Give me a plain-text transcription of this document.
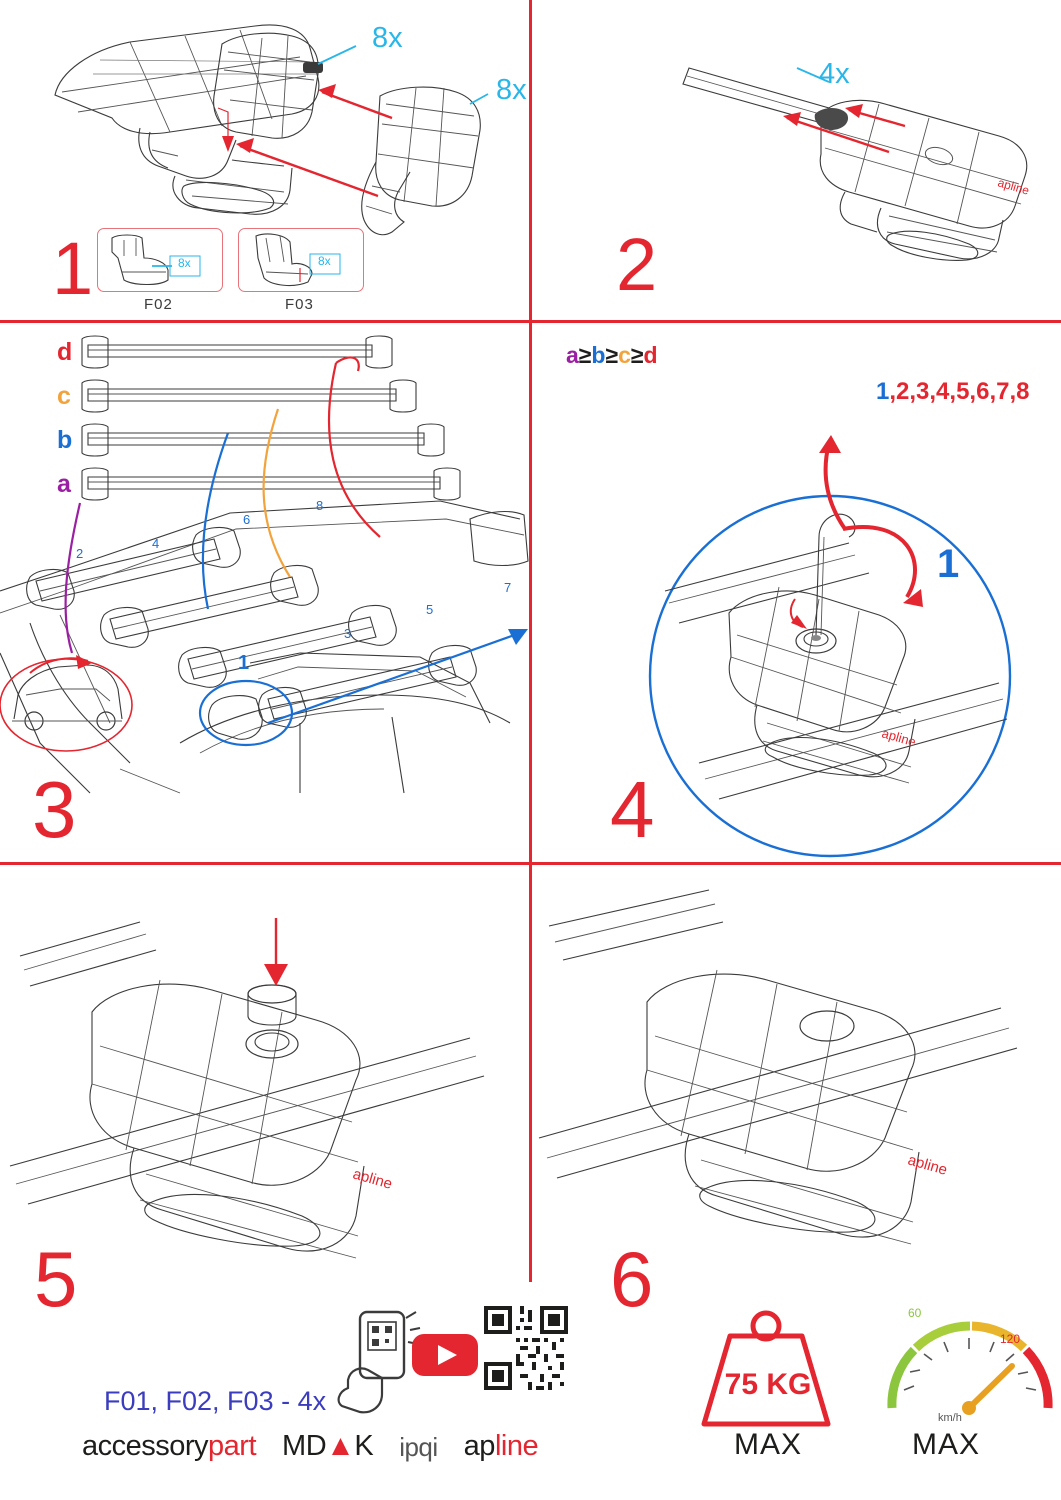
8x
8x
F02	F03
8x	8x
1
apline
4x
2
d
c
b
a
1
2
3
4
5
6
7
8
a≥b≥c≥d
3
1,2,3,4,5,6,7,8
apline
1
4
apline
apline
5	6
F01, F02, F03 - 4x
accessorypart MD▲K ipqi apline
75 KG
MAX
60
120
km/h
MAX
